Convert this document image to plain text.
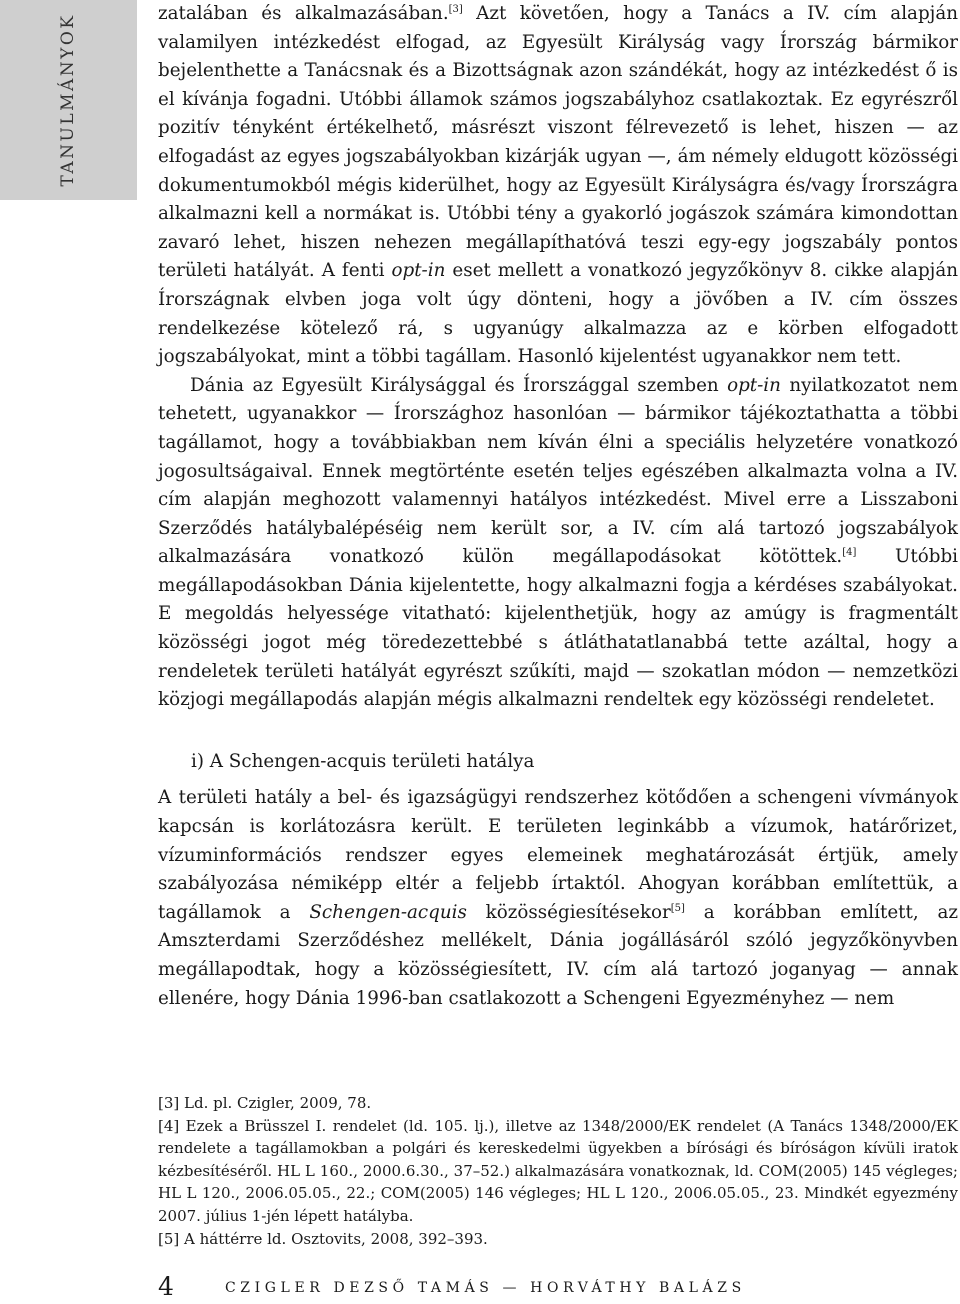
TANULMÁNYOK	zatalában és alkalmazásában.[3] Azt követően, hogy a Tanács a IV. cím alapján valamilyen intézkedést elfogad, az Egyesült Királyság vagy Írország bármikor bejelenthette a Tanácsnak és a Bizottságnak azon szándékát, hogy az intézkedést ő is el kívánja fogadni. Utóbbi államok számos jogszabályhoz csatlakoztak. Ez egyrészről pozitív tényként értékelhető, másrészt viszont félrevezető is lehet, hiszen — az elfogadást az egyes jogszabályokban kizárják ugyan —, ám némely eldugott közösségi dokumentumokból mégis kiderülhet, hogy az Egyesült Királyságra és/vagy Írországra alkalmazni kell a normákat is. Utóbbi tény a gyakorló jogászok számára kimondottan zavaró lehet, hiszen nehezen megállapíthatóvá teszi egy-egy jogszabály pontos területi hatályát. A fenti opt-in eset mellett a vonatkozó jegyzőkönyv 8. cikke alapján Írországnak elvben joga volt úgy dönteni, hogy a jövőben a IV. cím összes rendelkezése kötelező rá, s ugyanúgy alkalmazza az e körben elfogadott jogszabályokat, mint a többi tagállam. Hasonló kijelentést ugyanakkor nem tett.

Dánia az Egyesült Királysággal és Írországgal szemben opt-in nyilatkozatot nem tehetett, ugyanakkor — Írországhoz hasonlóan — bármikor tájékoztathatta a többi tagállamot, hogy a továbbiakban nem kíván élni a speciális helyzetére vonatkozó jogosultságaival. Ennek megtörténte esetén teljes egészében alkalmazta volna a IV. cím alapján meghozott valamennyi hatályos intézkedést. Mivel erre a Lisszaboni Szerződés hatálybalépéséig nem került sor, a IV. cím alá tartozó jogszabályok alkalmazására vonatkozó külön megállapodásokat kötöttek.[4] Utóbbi megállapodásokban Dánia kijelentette, hogy alkalmazni fogja a kérdéses szabályokat. E megoldás helyessége vitatható: kijelenthetjük, hogy az amúgy is fragmentált közösségi jogot még töredezettebbé s átláthatatlanabbá tette azáltal, hogy a rendeletek területi hatályát egyrészt szűkíti, majd — szokatlan módon — nemzetközi közjogi megállapodás alapján mégis alkalmazni rendeltek egy közösségi rendeletet.

i) A Schengen-acquis területi hatálya

A területi hatály a bel- és igazságügyi rendszerhez kötődően a schengeni vívmányok kapcsán is korlátozásra került. E területen leginkább a vízumok, határőrizet, vízuminformációs rendszer egyes elemeinek meghatározását értjük, amely szabályozása némiképp eltér a feljebb írtaktól. Ahogyan korábban említettük, a tagállamok a Schengen-acquis közösségiesítésekor[5] a korábban említett, az Amszterdami Szerződéshez mellékelt, Dánia jogállásáról szóló jegyzőkönyvben megállapodtak, hogy a közösségiesített, IV. cím alá tartozó joganyag — annak ellenére, hogy Dánia 1996-ban csatlakozott a Schengeni Egyezményhez — nem

[3] Ld. pl. Czigler, 2009, 78.

[4] Ezek a Brüsszel I. rendelet (ld. 105. lj.), illetve az 1348/2000/EK rendelet (A Tanács 1348/2000/EK rendelete a tagállamokban a polgári és kereskedelmi ügyekben a bírósági és bíróságon kívüli iratok kézbesítéséről. HL L 160., 2000.6.30., 37–52.) alkalmazására vonatkoznak, ld. COM(2005) 145 végleges; HL L 120., 2006.05.05., 22.; COM(2005) 146 végleges; HL L 120., 2006.05.05., 23. Mindkét egyezmény 2007. július 1-jén lépett hatályba.

[5] A háttérre ld. Osztovits, 2008, 392–393.

4	CZIGLER DEZSŐ TAMÁS — HORVÁTHY BALÁZS
